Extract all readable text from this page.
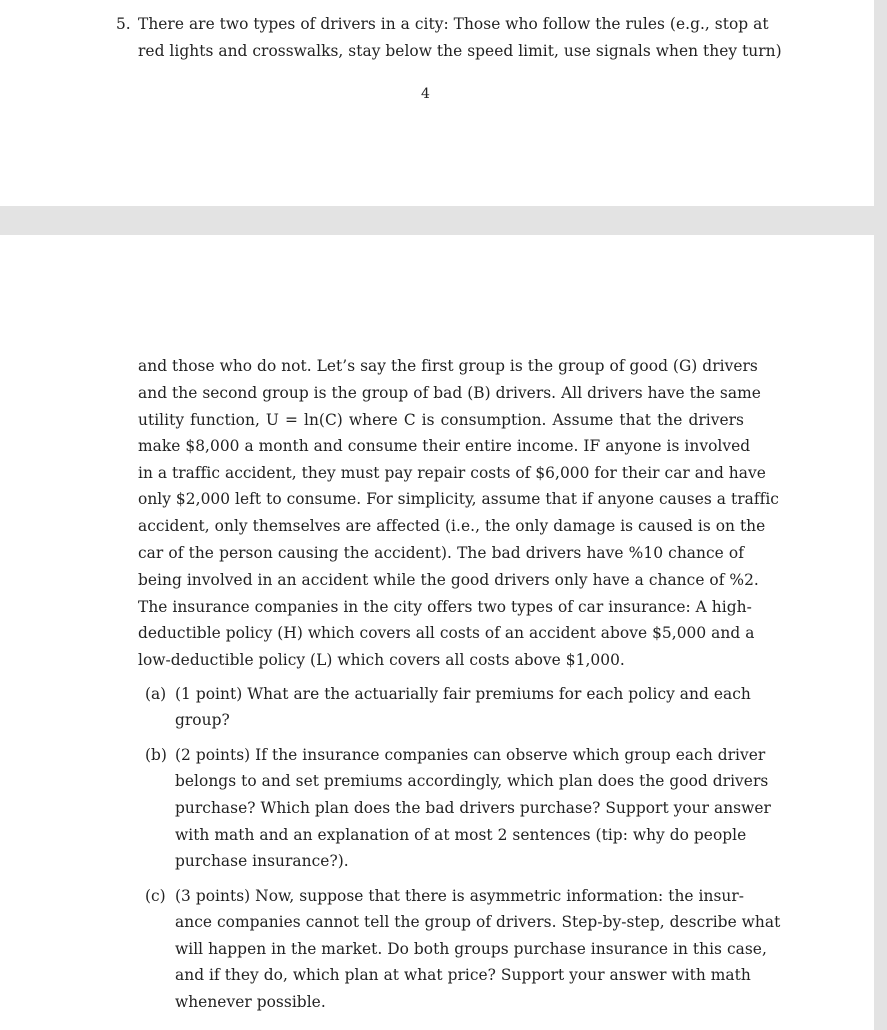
5. There are two types of drivers in a city: Those who follow the rules (e.g., stop at
red lights and crosswalks, stay below the speed limit, use signals when they turn)
4
and those who do not. Let’s say the first group is the group of good (G) drivers
and the second group is the group of bad (B) drivers. All drivers have the same
utility function, U = ln(C) where C is consumption. Assume that the drivers
make $8,000 a month and consume their entire income. IF anyone is involved
in a traffic accident, they must pay repair costs of $6,000 for their car and have
only $2,000 left to consume. For simplicity, assume that if anyone causes a traffic
accident, only themselves are affected (i.e., the only damage is caused is on the
car of the person causing the accident). The bad drivers have %10 chance of
being involved in an accident while the good drivers only have a chance of %2.
The insurance companies in the city offers two types of car insurance: A high-
deductible policy (H) which covers all costs of an accident above $5,000 and a
low-deductible policy (L) which covers all costs above $1,000.
(a) (1 point) What are the actuarially fair premiums for each policy and each
group?
(b) (2 points) If the insurance companies can observe which group each driver
belongs to and set premiums accordingly, which plan does the good drivers
purchase? Which plan does the bad drivers purchase? Support your answer
with math and an explanation of at most 2 sentences (tip: why do people
purchase insurance?).
(c) (3 points) Now, suppose that there is asymmetric information: the insur-
ance companies cannot tell the group of drivers. Step-by-step, describe what
will happen in the market. Do both groups purchase insurance in this case,
and if they do, which plan at what price? Support your answer with math
whenever possible.
